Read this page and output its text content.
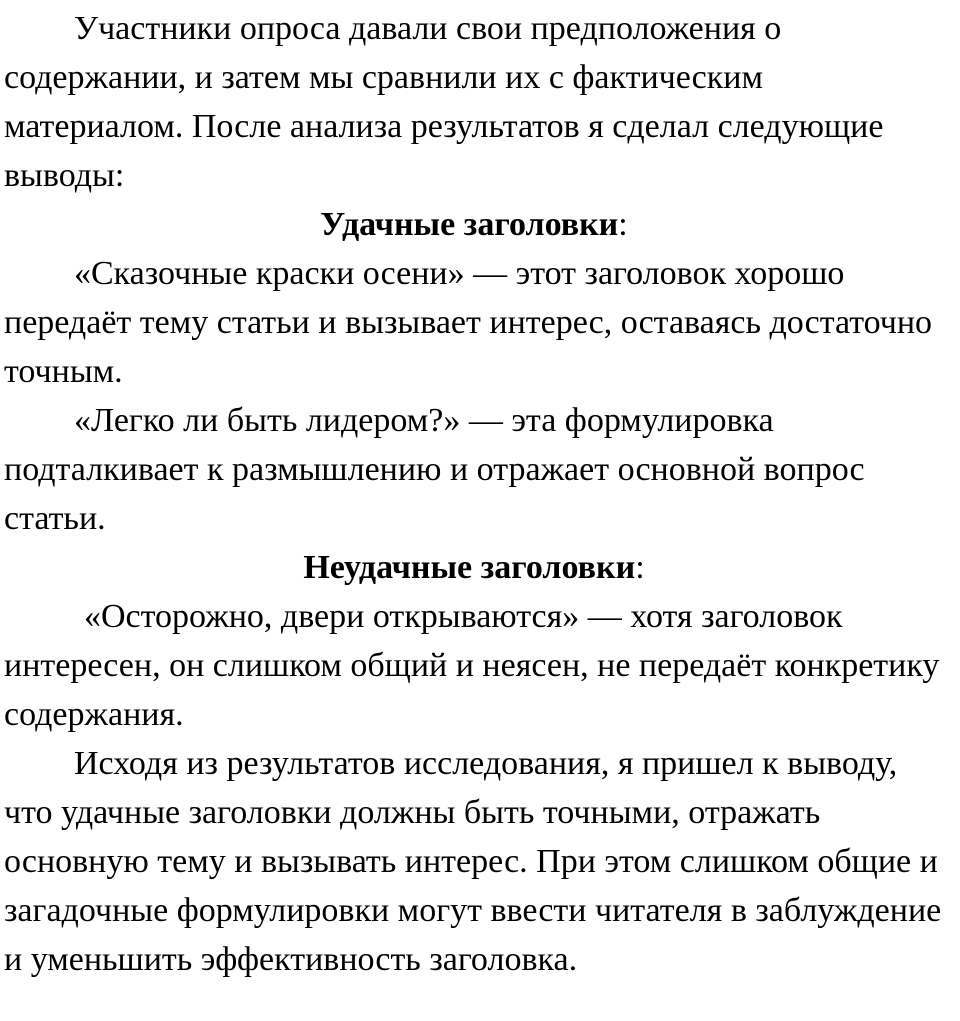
Участники опроса давали свои предположения о содержании, и затем мы сравнили их с фактическим материалом. После анализа результатов я сделал следующие выводы:

Удачные заголовки:

«Сказочные краски осени» — этот заголовок хорошо передаёт тему статьи и вызывает интерес, оставаясь достаточно точным.

«Легко ли быть лидером?» — эта формулировка подталкивает к размышлению и отражает основной вопрос статьи.

Неудачные заголовки:

«Осторожно, двери открываются» — хотя заголовок интересен, он слишком общий и неясен, не передаёт конкретику содержания.

Исходя из результатов исследования, я пришел к выводу, что удачные заголовки должны быть точными, отражать основную тему и вызывать интерес. При этом слишком общие и загадочные формулировки могут ввести читателя в заблуждение и уменьшить эффективность заголовка.
